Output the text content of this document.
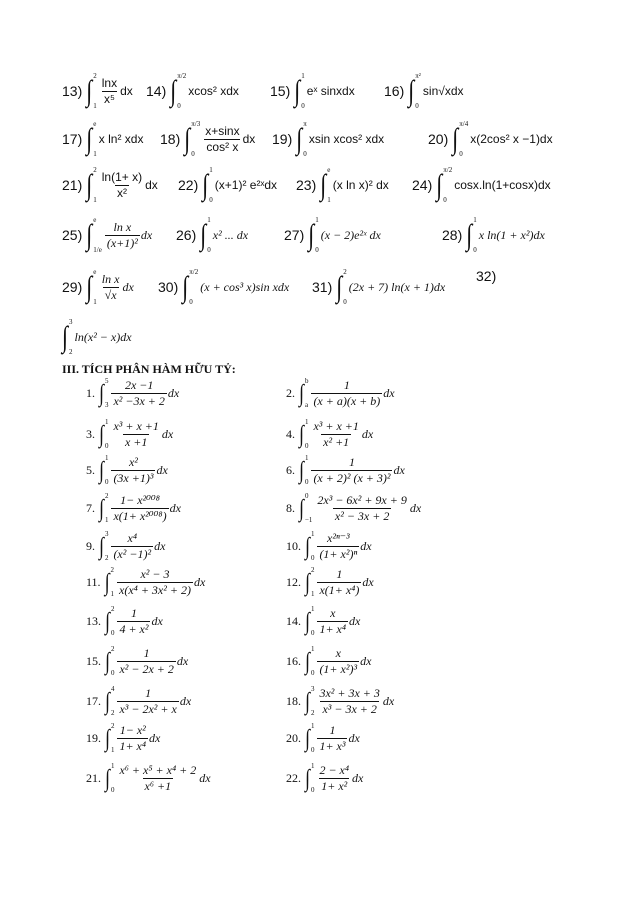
13) ∫ 2
1
lnx
x⁵
dx 14) ∫ π/2
0
xcos² xdx 15) ∫ 1
0
eˣ sinxdx 16) ∫ π²
0
sin√xdx
17) ∫ e
1
x ln² xdx 18) ∫ π/3
0
x+sinx
cos² x
dx 19) ∫ π
0
xsin xcos² xdx	20) ∫ π/4
0
x(2cos² x −1)dx
21) ∫ 2
1
ln(1+ x)
x²
dx 22) ∫ 1
0
(x+1)² e²ˣdx 23) ∫ e
1
(x ln x)² dx 24) ∫ π/2
0
cosx.ln(1+cosx)dx
25) ∫ e
1/e
ln x
(x+1)²
dx 26) ∫ 1
0
x² ... dx	27) ∫ 1
0
(x − 2)e²ˣ dx	28) ∫ 1
0
x ln(1 + x²)dx
29) ∫ e
1
ln x
√x
dx 30) ∫ π/2
0
(x + cos³ x)sin xdx 31) ∫ 2
0
(2x + 7) ln(x + 1)dx
32)
∫ 3
2
ln(x² − x)dx
III. TÍCH PHÂN HÀM HỮU TỶ:
1. ∫ 5
$3 \frac{2x -1}{\text{x² −3x + 2}}$ dx	2. ∫ b
a $\frac{1}{(x + a)(x + b)}$ dx
3. ∫ 1
$0 \frac{\text{x³ + x +1}}{x +1}$ dx	4. ∫ 1
$0 \frac{\text{x³ + x +1}}{\text{x² +1}}$ dx
5. ∫ 1
$0 \frac{\text{x²}}{\text{(3x +1)³}}$ dx	6. ∫ 1
$0 \frac{1}{\text{(x + 2)² (x + 3)²}}$ dx
7. ∫ 2
$1 \frac{\text{1− x²⁰⁰⁸}}{\text{x(1+ x²⁰⁰⁸)}}$ dx	8. ∫ 0
$-1 \frac{\text{2x³ − 6x² + 9x + 9}}{\text{x² − 3x + 2}}$ dx
9. ∫ 3
$2 \frac{\text{x⁴}}{\text{(x² −1)²}}$ dx	10. ∫ 1
$0 \frac{\text{x²ⁿ⁻³}}{\text{(1+ x²)ⁿ}}$ dx
11. ∫ 2
$1 \frac{\text{x² − 3}}{\text{x(x⁴ + 3x² + 2)}}$ dx	12. ∫ 2
$1 \frac{1}{\text{x(1+ x⁴)}}$ dx
13. ∫ 2
$0 \frac{1}{\text{4 + x²}}$ dx	14. ∫ 1
$0 \frac{x}{\text{1+ x⁴}}$ dx
15. ∫ 2
$0 \frac{1}{\text{x² − 2x + 2}}$ dx	16. ∫ 1
$0 \frac{x}{\text{(1+ x²)³}}$ dx
17. ∫ 4
$2 \frac{1}{\text{x³ − 2x² + x}}$ dx	18. ∫ 3
$2 \frac{\text{3x² + 3x + 3}}{\text{x³ − 3x + 2}}$ dx
19. ∫ 2
$1 \frac{\text{1− x²}}{\text{1+ x⁴}}$ dx	20. ∫ 1
$0 \frac{1}{\text{1+ x³}}$ dx
21. ∫ 1
$0 \frac{\text{x⁶ + x⁵ + x⁴ + 2}}{\text{x⁶ +1}}$ dx	22. ∫ 1
$0 \frac{\text{2 − x⁴}}{\text{1+ x²}}$ dx
